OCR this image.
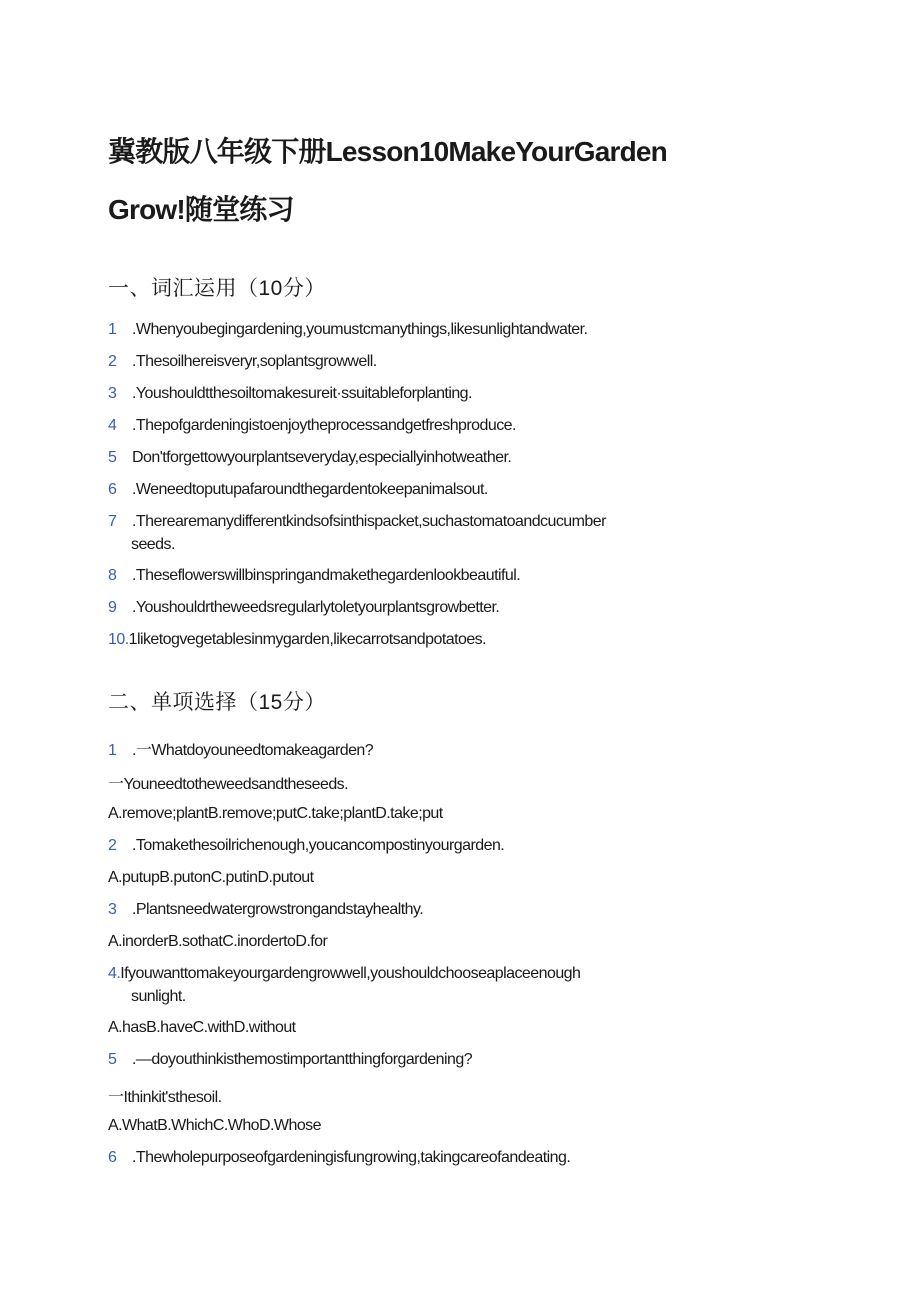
冀教版八年级下册Lesson10MakeYourGarden
Grow!随堂练习
一、词汇运用（10分）
1 .Whenyoubegingardening,youmustcmanythings,likesunlightandwater.
2 .Thesoilhereisveryr,soplantsgrowwell.
3 .Youshouldtthesoiltomakesureit·ssuitableforplanting.
4 .Thepofgardeningistoenjoytheprocessandgetfreshproduce.
5 Don'tforgettowyourplantseveryday,especiallyinhotweather.
6 .Weneedtoputupafaroundthegardentokeepanimalsout.
7 .Therearemanydifferentkindsofsinthispacket,suchastomatoandcucumber
seeds.
8 .Theseflowerswillbinspringandmakethegardenlookbeautiful.
9 .Youshouldrtheweedsregularlytoletyourplantsgrowbetter.
10.1liketogvegetablesinmygarden,likecarrotsandpotatoes.
二、单项选择（15分）
1 .一Whatdoyouneedtomakeagarden?
一Youneedtotheweedsandtheseeds.
A.remove;plantB.remove;putC.take;plantD.take;put
2 .Tomakethesoilrichenough,youcancompostinyourgarden.
A.putupB.putonC.putinD.putout
3 .Plantsneedwatergrowstrongandstayhealthy.
A.inorderB.sothatC.inordertoD.for
4.Ifyouwanttomakeyourgardengrowwell,youshouldchooseaplaceenough
sunlight.
A.hasB.haveC.withD.without
5 .—doyouthinkisthemostimportantthingforgardening?
一Ithinkit'sthesoil.
A.WhatB.WhichC.WhoD.Whose
6 .Thewholepurposeofgardeningisfungrowing,takingcareofandeating.
